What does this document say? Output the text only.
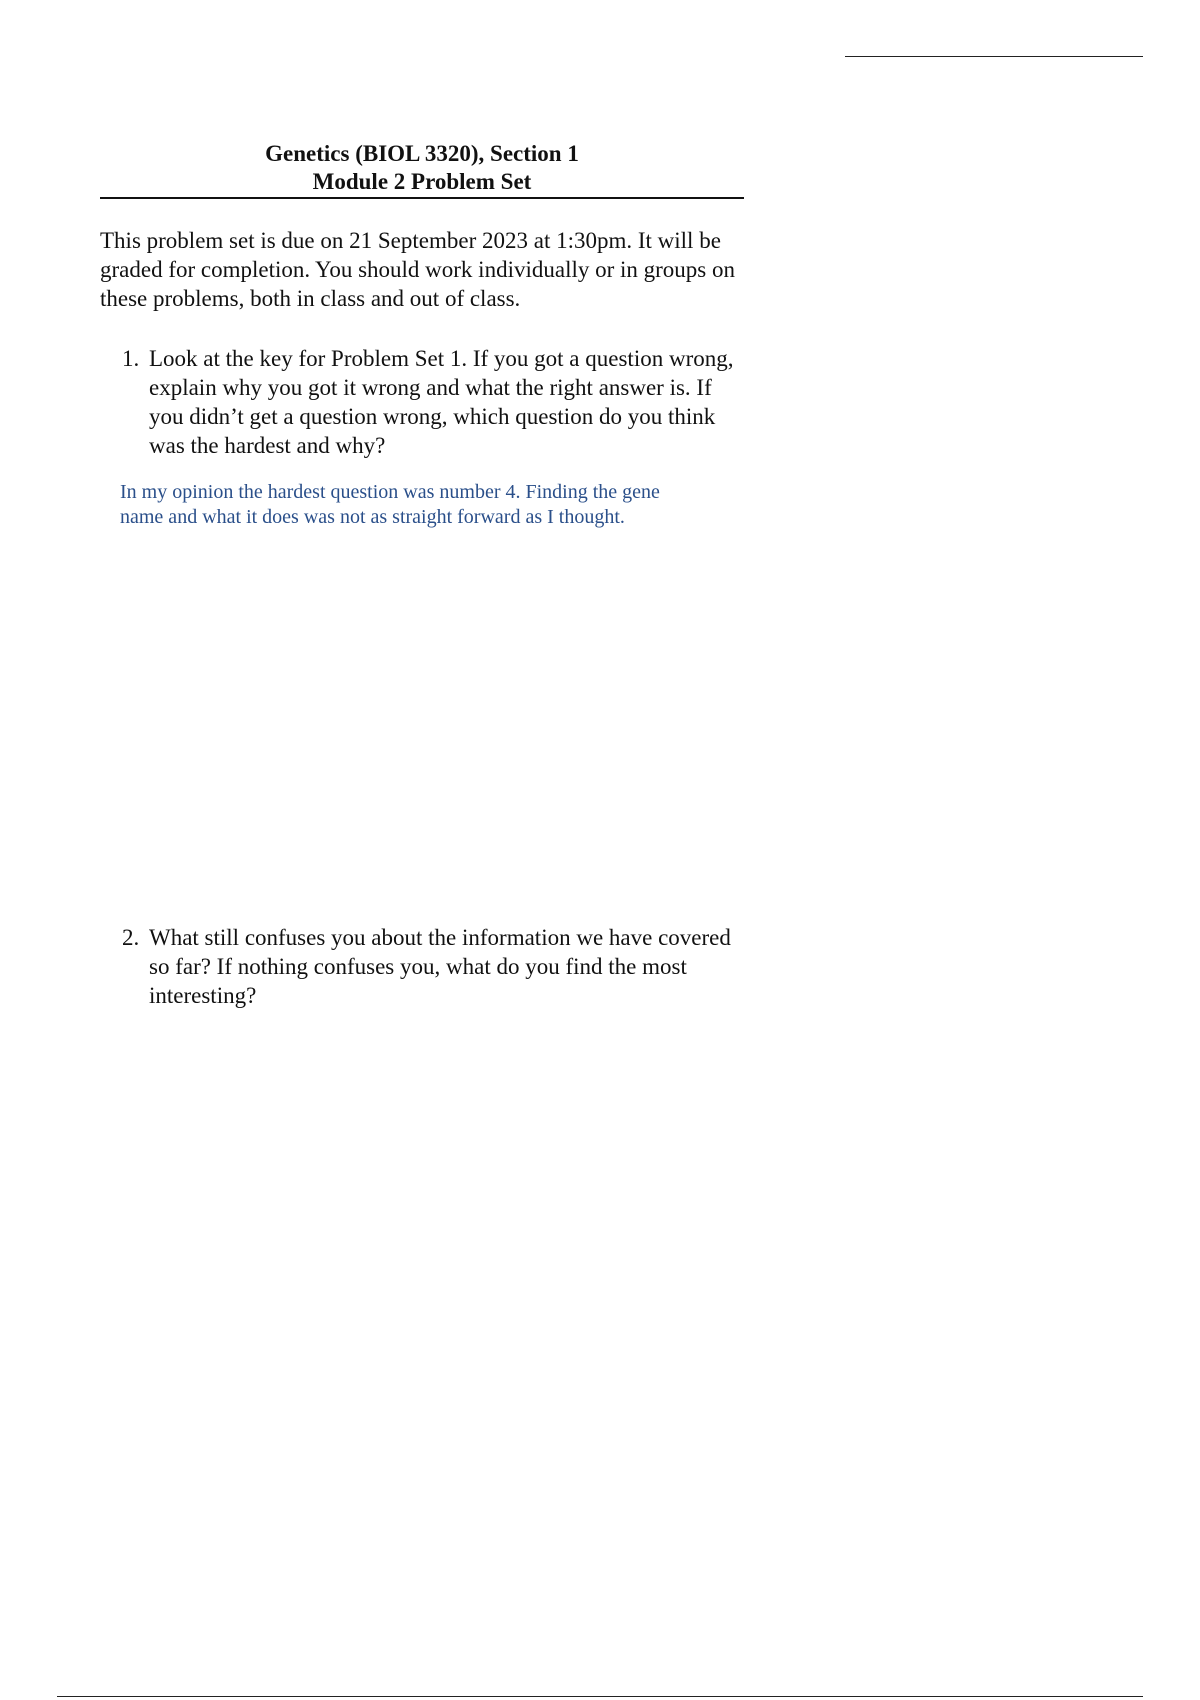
Genetics (BIOL 3320), Section 1
Module 2 Problem Set
This problem set is due on 21 September 2023 at 1:30pm. It will be graded for completion. You should work individually or in groups on these problems, both in class and out of class.
1. Look at the key for Problem Set 1. If you got a question wrong, explain why you got it wrong and what the right answer is. If you didn’t get a question wrong, which question do you think was the hardest and why?
In my opinion the hardest question was number 4. Finding the gene name and what it does was not as straight forward as I thought.
2. What still confuses you about the information we have covered so far? If nothing confuses you, what do you find the most interesting?
